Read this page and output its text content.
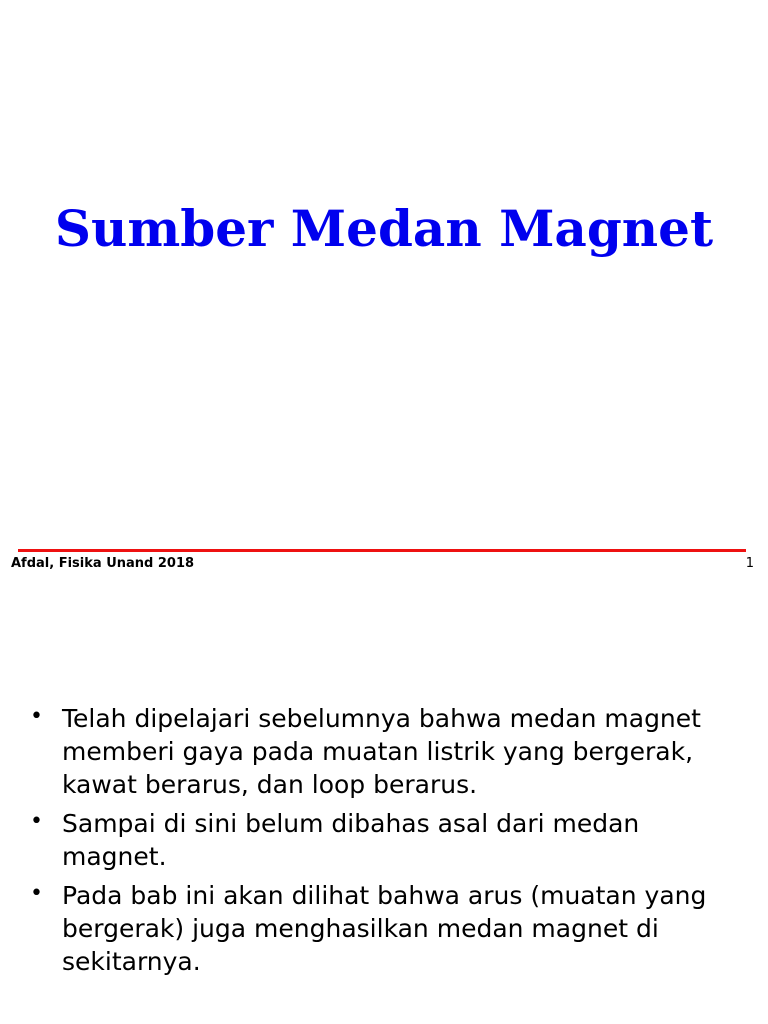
Sumber Medan Magnet
Afdal, Fisika Unand 2018	1
• Telah dipelajari sebelumnya bahwa medan magnet memberi gaya pada muatan listrik yang bergerak, kawat berarus, dan loop berarus.
• Sampai di sini belum dibahas asal dari medan magnet.
• Pada bab ini akan dilihat bahwa arus (muatan yang bergerak) juga menghasilkan medan magnet di sekitarnya.
